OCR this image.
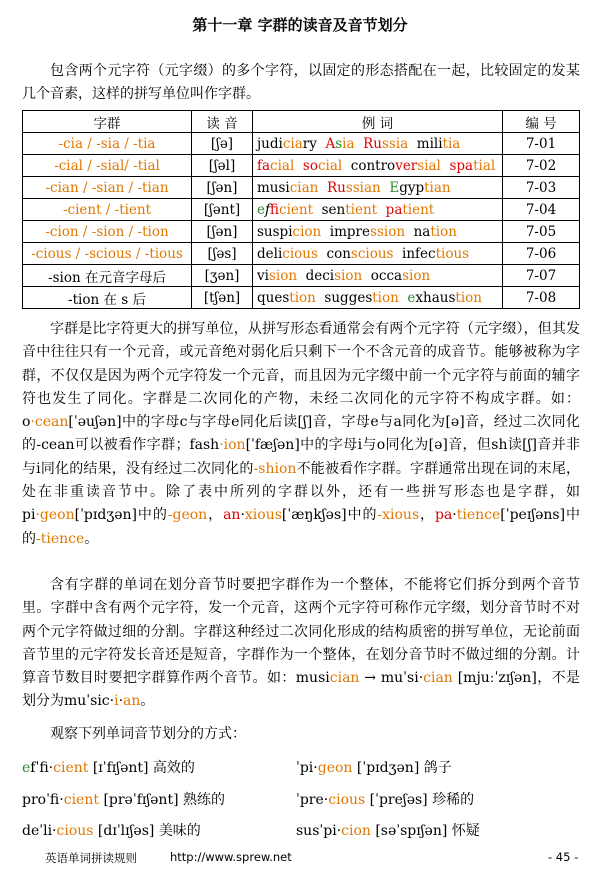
第十一章 字群的读音及音节划分

包含两个元字符（元字缀）的多个字符，以固定的形态搭配在一起，比较固定的发某几个音素，这样的拼写单位叫作字群。

字群	读 音	例 词	编 号
-cia / -sia / -tia	[ʃə]	judiciary  Asia Russia  militia	7-01
-cial / -sial/ -tial	[ʃəl]	facial social  controversial spatial	7-02
-cian / -sian / -tian	[ʃən]	musician Russian Egyptian	7-03
-cient / -tient	[ʃənt]	efficient  sentient patient	7-04
-cion / -sion / -tion	[ʃən]	suspicion  impression  nation	7-05
-cious / -scious / -tious	[ʃəs]	delicious  conscious  infectious	7-06
-sion 在元音字母后	[ʒən]	vision  decision  occasion	7-07
-tion 在 s 后	[tʃən]	question  suggestion exhaustion	7-08

字群是比字符更大的拼写单位，从拼写形态看通常会有两个元字符（元字缀），但其发音中往往只有一个元音，或元音绝对弱化后只剩下一个不含元音的成音节。能够被称为字群，不仅仅是因为两个元字符发一个元音，而且因为元字缀中前一个元字符与前面的辅字符也发生了同化。字群是二次同化的产物，未经二次同化的元字符不构成字群。如：o·cean[ˈəuʃən]中的字母c与字母e同化后读[ʃ]音，字母e与a同化为[ə]音，经过二次同化的-cean可以被看作字群；fash·ion[ˈfæʃən]中的字母i与o同化为[ə]音，但sh读[ʃ]音并非与i同化的结果，没有经过二次同化的-shion不能被看作字群。字群通常出现在词的末尾，处在非重读音节中。除了表中所列的字群以外，还有一些拼写形态也是字群，如pi·geon[ˈpɪdʒən]中的-geon，an·xious[ˈæŋkʃəs]中的-xious，pa·tience[ˈpeɪʃəns]中的-tience。

含有字群的单词在划分音节时要把字群作为一个整体，不能将它们拆分到两个音节里。字群中含有两个元字符，发一个元音，这两个元字符可称作元字缀，划分音节时不对两个元字符做过细的分割。字群这种经过二次同化形成的结构质密的拼写单位，无论前面音节里的元字符发长音还是短音，字群作为一个整体，在划分音节时不做过细的分割。计算音节数目时要把字群算作两个音节。如：musician → muˈsi·cian [mjuːˈzɪʃən]，不是划分为muˈsic·i·an。

观察下列单词音节划分的方式：

efˈfi·cient [ɪˈfɪʃənt] 高效的
proˈfi·cient [prəˈfɪʃənt] 熟练的
deˈli·cious [dɪˈlɪʃəs] 美味的
ˈpi·geon [ˈpɪdʒən] 鸽子
ˈpre·cious [ˈpreʃəs] 珍稀的
susˈpi·cion [səˈspɪʃən] 怀疑
英语单词拼读规则	http://www.sprew.net	- 45 -
